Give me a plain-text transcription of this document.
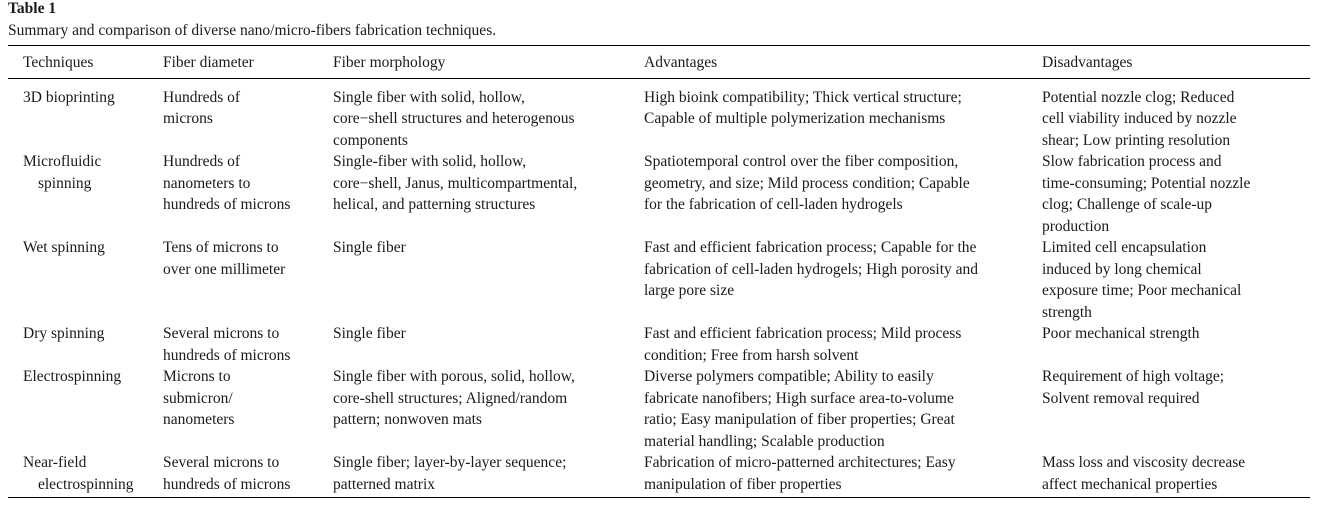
Table 1
Summary and comparison of diverse nano/micro-fibers fabrication techniques.
Techniques	Fiber diameter	Fiber morphology	Advantages	Disadvantages

3D bioprinting	Hundreds of
microns	Single fiber with solid, hollow,
core−shell structures and heterogenous
components	High bioink compatibility; Thick vertical structure;
Capable of multiple polymerization mechanisms	Potential nozzle clog; Reduced
cell viability induced by nozzle
shear; Low printing resolution

Microfluidic
spinning	Hundreds of
nanometers to
hundreds of microns	Single-fiber with solid, hollow,
core−shell, Janus, multicompartmental,
helical, and patterning structures	Spatiotemporal control over the fiber composition,
geometry, and size; Mild process condition; Capable
for the fabrication of cell-laden hydrogels	Slow fabrication process and
time-consuming; Potential nozzle
clog; Challenge of scale-up
production

Wet spinning	Tens of microns to
over one millimeter	Single fiber	Fast and efficient fabrication process; Capable for the
fabrication of cell-laden hydrogels; High porosity and
large pore size	Limited cell encapsulation
induced by long chemical
exposure time; Poor mechanical
strength

Dry spinning	Several microns to
hundreds of microns	Single fiber	Fast and efficient fabrication process; Mild process
condition; Free from harsh solvent	Poor mechanical strength

Electrospinning	Microns to
submicron/
nanometers	Single fiber with porous, solid, hollow,
core-shell structures; Aligned/random
pattern; nonwoven mats	Diverse polymers compatible; Ability to easily
fabricate nanofibers; High surface area-to-volume
ratio; Easy manipulation of fiber properties; Great
material handling; Scalable production	Requirement of high voltage;
Solvent removal required

Near-field
electrospinning	Several microns to
hundreds of microns	Single fiber; layer-by-layer sequence;
patterned matrix	Fabrication of micro-patterned architectures; Easy
manipulation of fiber properties	Mass loss and viscosity decrease
affect mechanical properties
